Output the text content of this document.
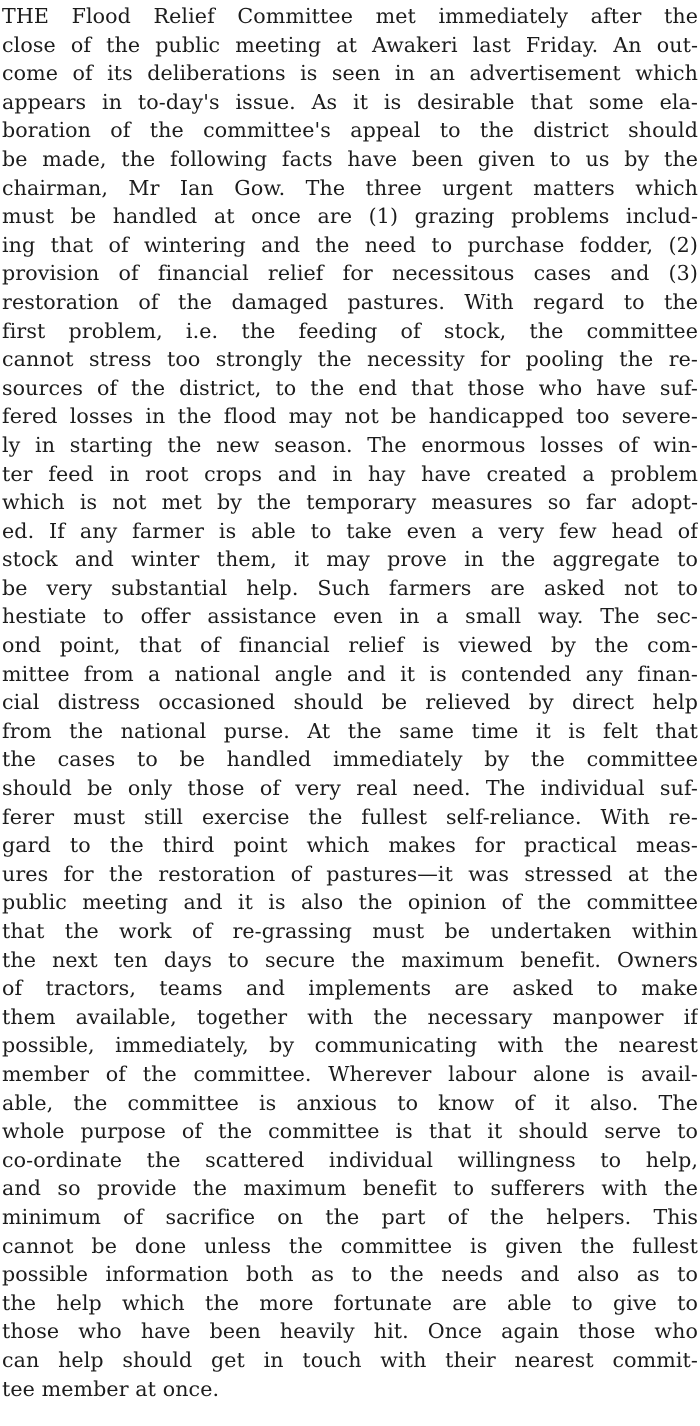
THE Flood Relief Committee met immediately after the
close of the public meeting at Awakeri last Friday. An out-
come of its deliberations is seen in an advertisement which
appears in to-day's issue. As it is desirable that some ela-
boration of the committee's appeal to the district should
be made, the following facts have been given to us by the
chairman, Mr Ian Gow. The three urgent matters which
must be handled at once are (1) grazing problems includ-
ing that of wintering and the need to purchase fodder, (2)
provision of financial relief for necessitous cases and (3)
restoration of the damaged pastures. With regard to the
first problem, i.e. the feeding of stock, the committee
cannot stress too strongly the necessity for pooling the re-
sources of the district, to the end that those who have suf-
fered losses in the flood may not be handicapped too severe-
ly in starting the new season. The enormous losses of win-
ter feed in root crops and in hay have created a problem
which is not met by the temporary measures so far adopt-
ed. If any farmer is able to take even a very few head of
stock and winter them, it may prove in the aggregate to
be very substantial help. Such farmers are asked not to
hestiate to offer assistance even in a small way. The sec-
ond point, that of financial relief is viewed by the com-
mittee from a national angle and it is contended any finan-
cial distress occasioned should be relieved by direct help
from the national purse. At the same time it is felt that
the cases to be handled immediately by the committee
should be only those of very real need. The individual suf-
ferer must still exercise the fullest self-reliance. With re-
gard to the third point which makes for practical meas-
ures for the restoration of pastures—it was stressed at the
public meeting and it is also the opinion of the committee
that the work of re-grassing must be undertaken within
the next ten days to secure the maximum benefit. Owners
of tractors, teams and implements are asked to make
them available, together with the necessary manpower if
possible, immediately, by communicating with the nearest
member of the committee. Wherever labour alone is avail-
able, the committee is anxious to know of it also. The
whole purpose of the committee is that it should serve to
co-ordinate the scattered individual willingness to help,
and so provide the maximum benefit to sufferers with the
minimum of sacrifice on the part of the helpers. This
cannot be done unless the committee is given the fullest
possible information both as to the needs and also as to
the help which the more fortunate are able to give to
those who have been heavily hit. Once again those who
can help should get in touch with their nearest commit-
tee member at once.
